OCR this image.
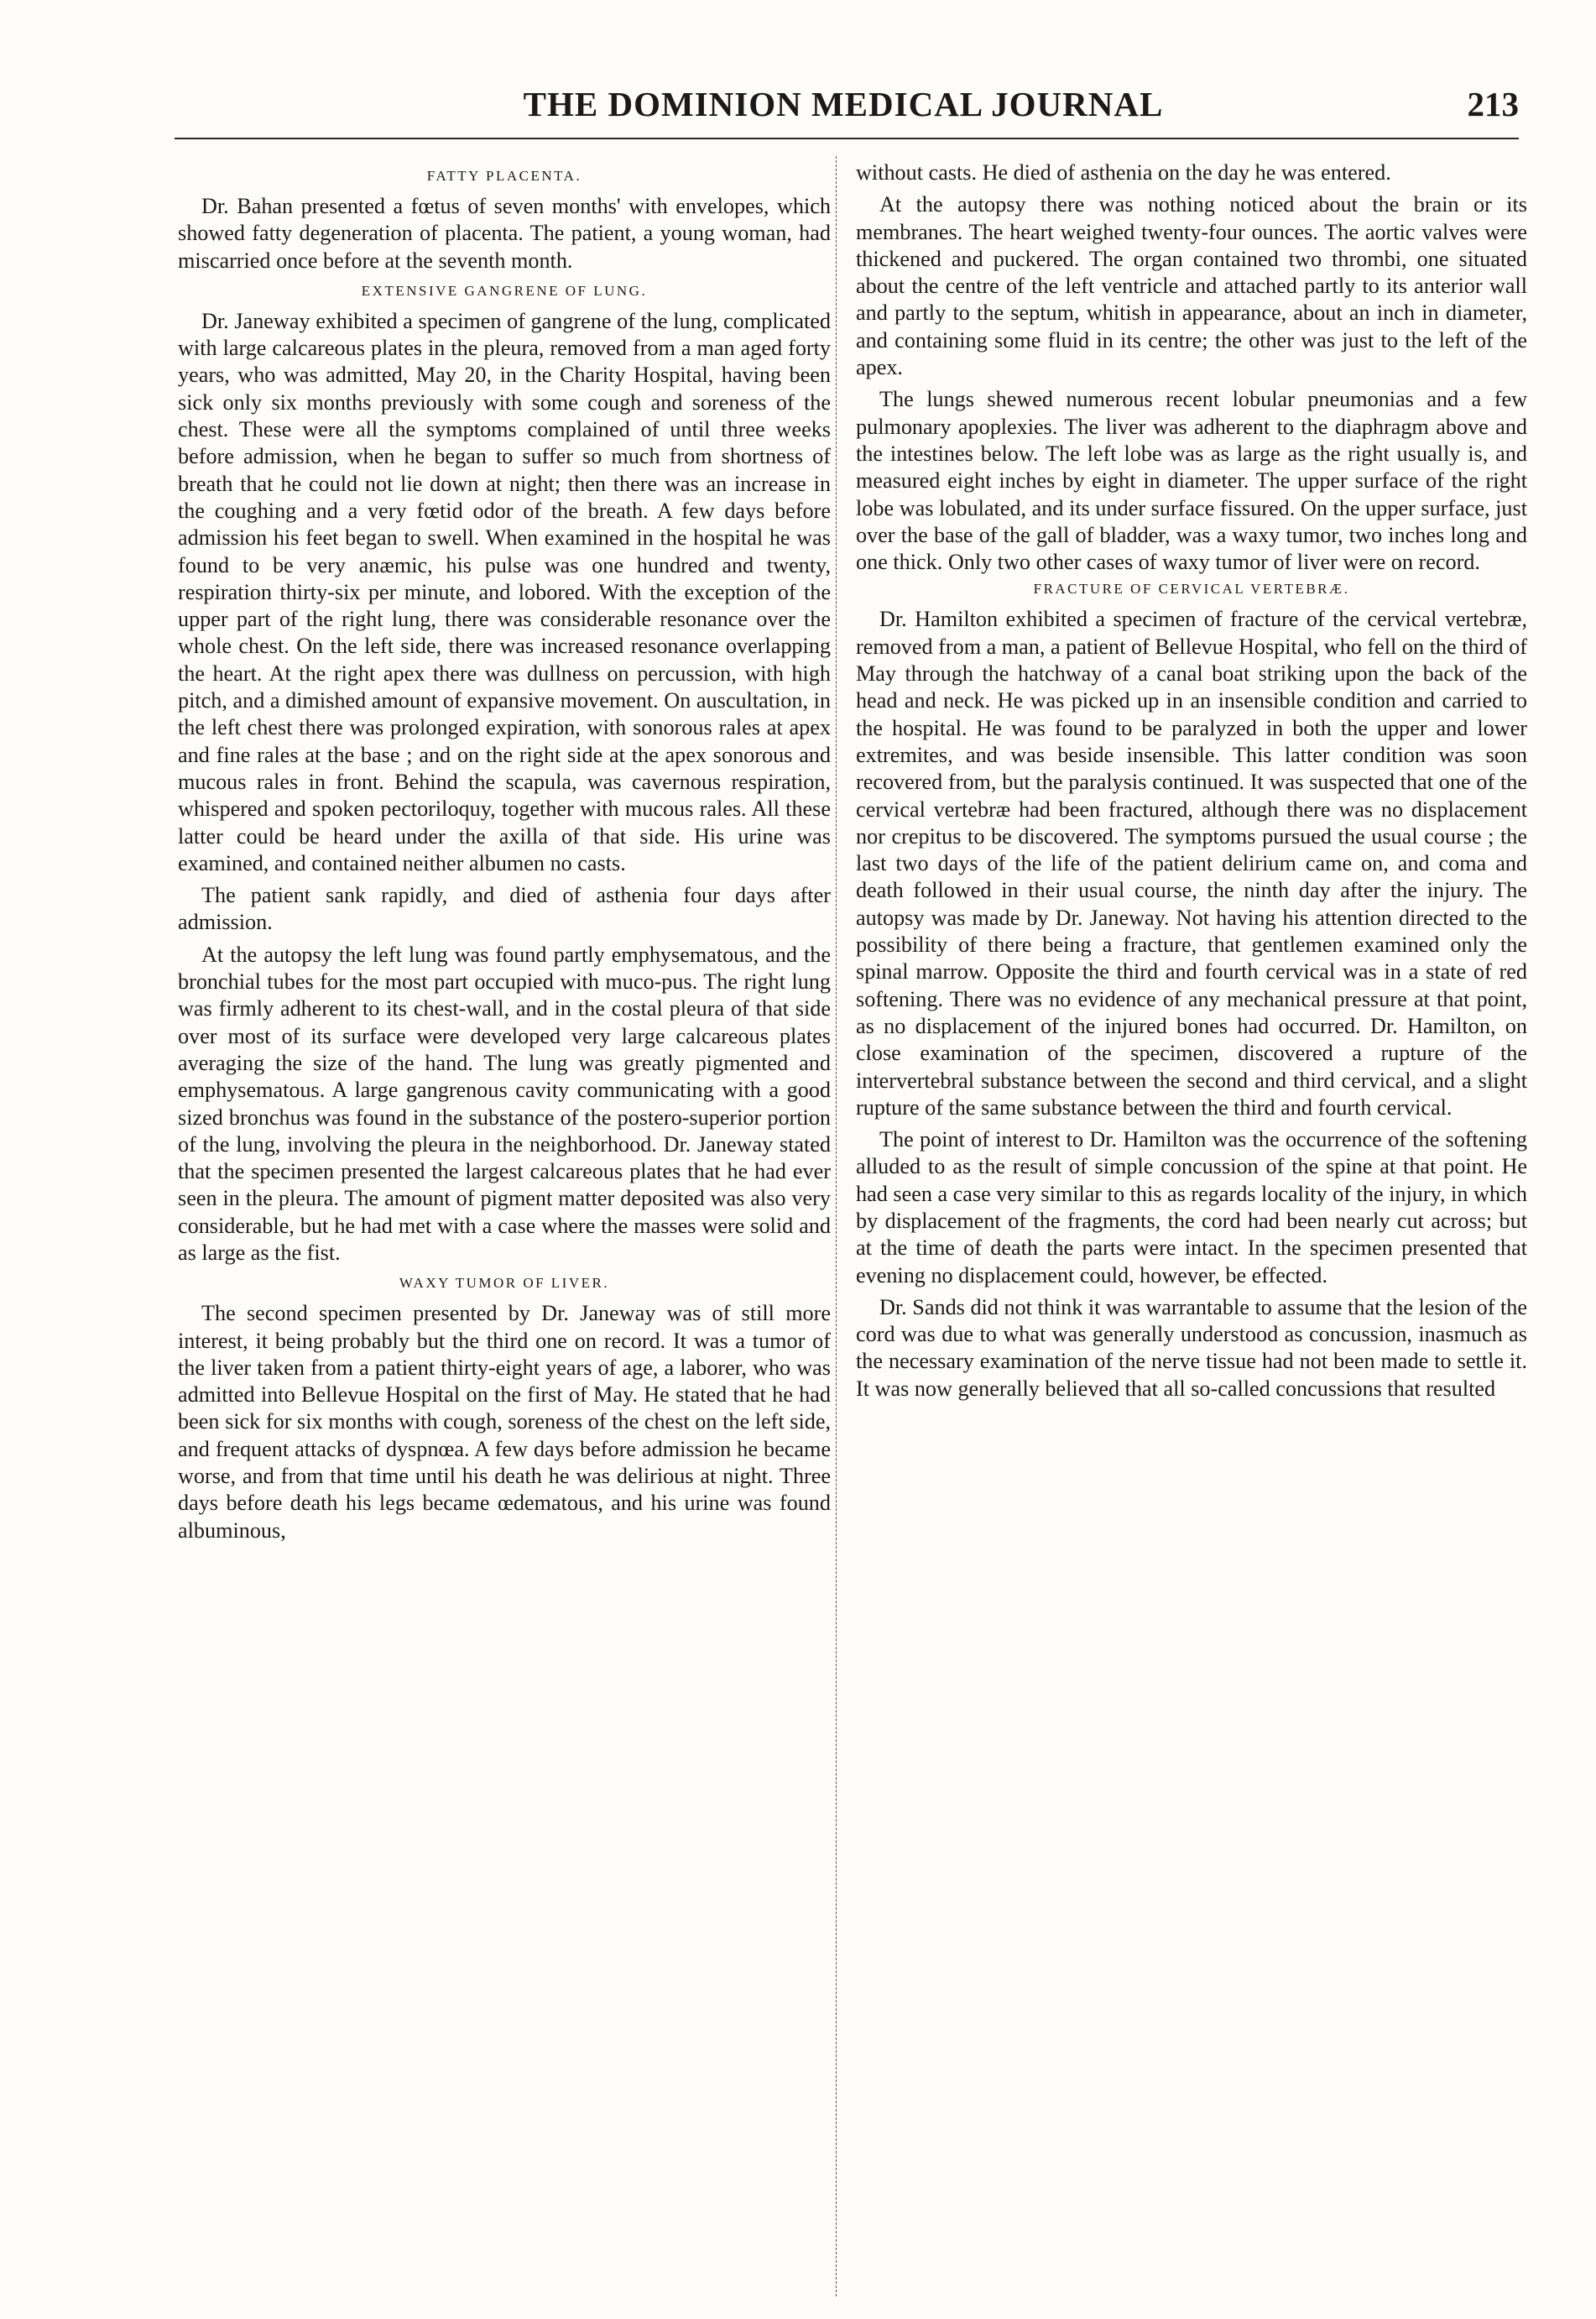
THE DOMINION MEDICAL JOURNAL	213
FATTY PLACENTA.

Dr. Bahan presented a fœtus of seven months' with envelopes, which showed fatty degeneration of placenta. The patient, a young woman, had miscarried once before at the seventh month.

EXTENSIVE GANGRENE OF LUNG.

Dr. Janeway exhibited a specimen of gangrene of the lung, complicated with large calcareous plates in the pleura, removed from a man aged forty years, who was admitted, May 20, in the Charity Hospital, having been sick only six months previously with some cough and soreness of the chest. These were all the symptoms complained of until three weeks before admission, when he began to suffer so much from shortness of breath that he could not lie down at night; then there was an increase in the coughing and a very fœtid odor of the breath. A few days before admission his feet began to swell. When examined in the hospital he was found to be very anæmic, his pulse was one hundred and twenty, respiration thirty-six per minute, and lobored. With the exception of the upper part of the right lung, there was considerable resonance over the whole chest. On the left side, there was increased resonance overlapping the heart. At the right apex there was dullness on percussion, with high pitch, and a dimished amount of expansive movement. On auscultation, in the left chest there was prolonged expiration, with sonorous rales at apex and fine rales at the base ; and on the right side at the apex sonorous and mucous rales in front. Behind the scapula, was cavernous respiration, whispered and spoken pectoriloquy, together with mucous rales. All these latter could be heard under the axilla of that side. His urine was examined, and contained neither albumen no casts.

The patient sank rapidly, and died of asthenia four days after admission.

At the autopsy the left lung was found partly emphysematous, and the bronchial tubes for the most part occupied with muco-pus. The right lung was firmly adherent to its chest-wall, and in the costal pleura of that side over most of its surface were developed very large calcareous plates averaging the size of the hand. The lung was greatly pigmented and emphysematous. A large gangrenous cavity communicating with a good sized bronchus was found in the substance of the postero-superior portion of the lung, involving the pleura in the neighborhood. Dr. Janeway stated that the specimen presented the largest calcareous plates that he had ever seen in the pleura. The amount of pigment matter deposited was also very considerable, but he had met with a case where the masses were solid and as large as the fist.

WAXY TUMOR OF LIVER.

The second specimen presented by Dr. Janeway was of still more interest, it being probably but the third one on record. It was a tumor of the liver taken from a patient thirty-eight years of age, a laborer, who was admitted into Bellevue Hospital on the first of May. He stated that he had been sick for six months with cough, soreness of the chest on the left side, and frequent attacks of dyspnœa. A few days before admission he became worse, and from that time until his death he was delirious at night. Three days before death his legs became œdematous, and his urine was found albuminous,

without casts. He died of asthenia on the day he was entered.

At the autopsy there was nothing noticed about the brain or its membranes. The heart weighed twenty-four ounces. The aortic valves were thickened and puckered. The organ contained two thrombi, one situated about the centre of the left ventricle and attached partly to its anterior wall and partly to the septum, whitish in appearance, about an inch in diameter, and containing some fluid in its centre; the other was just to the left of the apex.

The lungs shewed numerous recent lobular pneumonias and a few pulmonary apoplexies. The liver was adherent to the diaphragm above and the intestines below. The left lobe was as large as the right usually is, and measured eight inches by eight in diameter. The upper surface of the right lobe was lobulated, and its under surface fissured. On the upper surface, just over the base of the gall of bladder, was a waxy tumor, two inches long and one thick. Only two other cases of waxy tumor of liver were on record.

FRACTURE OF CERVICAL VERTEBRÆ.

Dr. Hamilton exhibited a specimen of fracture of the cervical vertebræ, removed from a man, a patient of Bellevue Hospital, who fell on the third of May through the hatchway of a canal boat striking upon the back of the head and neck. He was picked up in an insensible condition and carried to the hospital. He was found to be paralyzed in both the upper and lower extremites, and was beside insensible. This latter condition was soon recovered from, but the paralysis continued. It was suspected that one of the cervical vertebræ had been fractured, although there was no displacement nor crepitus to be discovered. The symptoms pursued the usual course ; the last two days of the life of the patient delirium came on, and coma and death followed in their usual course, the ninth day after the injury. The autopsy was made by Dr. Janeway. Not having his attention directed to the possibility of there being a fracture, that gentlemen examined only the spinal marrow. Opposite the third and fourth cervical was in a state of red softening. There was no evidence of any mechanical pressure at that point, as no displacement of the injured bones had occurred. Dr. Hamilton, on close examination of the specimen, discovered a rupture of the intervertebral substance between the second and third cervical, and a slight rupture of the same substance between the third and fourth cervical.

The point of interest to Dr. Hamilton was the occurrence of the softening alluded to as the result of simple concussion of the spine at that point. He had seen a case very similar to this as regards locality of the injury, in which by displacement of the fragments, the cord had been nearly cut across; but at the time of death the parts were intact. In the specimen presented that evening no displacement could, however, be effected.

Dr. Sands did not think it was warrantable to assume that the lesion of the cord was due to what was generally understood as concussion, inasmuch as the necessary examination of the nerve tissue had not been made to settle it. It was now generally believed that all so-called concussions that resulted
